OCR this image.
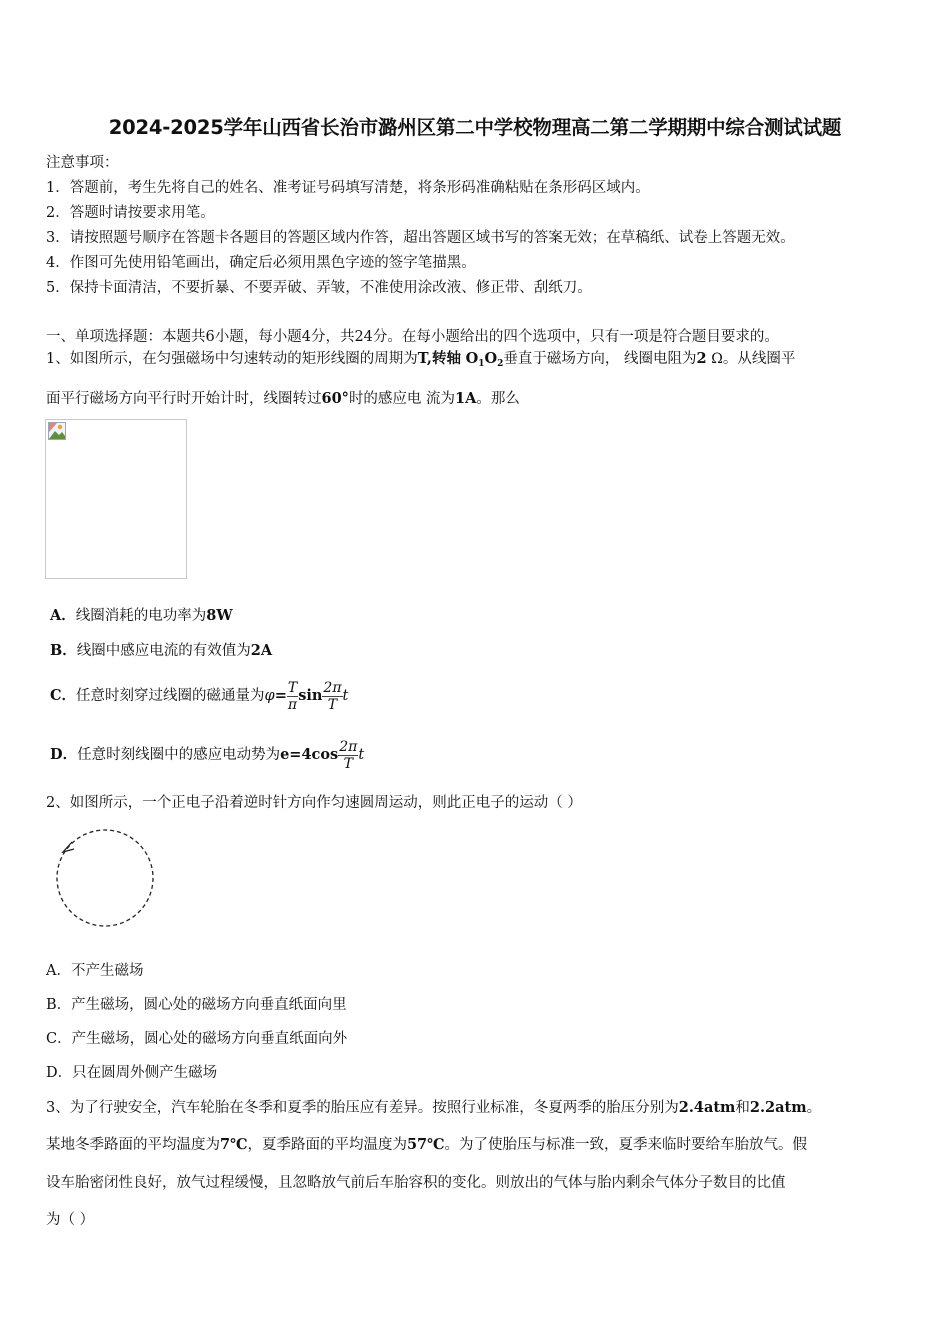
2024-2025学年山西省长治市潞州区第二中学校物理高二第二学期期中综合测试试题
注意事项：
1．答题前，考生先将自己的姓名、准考证号码填写清楚，将条形码准确粘贴在条形码区域内。
2．答题时请按要求用笔。
3．请按照题号顺序在答题卡各题目的答题区域内作答，超出答题区域书写的答案无效；在草稿纸、试卷上答题无效。
4．作图可先使用铅笔画出，确定后必须用黑色字迹的签字笔描黑。
5．保持卡面清洁，不要折暴、不要弄破、弄皱，不准使用涂改液、修正带、刮纸刀。
一、单项选择题：本题共6小题，每小题4分，共24分。在每小题给出的四个选项中，只有一项是符合题目要求的。
1、如图所示，在匀强磁场中匀速转动的矩形线圈的周期为T,转轴 $O_1O_2$垂直于磁场方向， 线圈电阻为2 Ω。从线圈平
面平行磁场方向平行时开始计时，线圈转过60°时的感应电 流为1A。那么
A．线圈消耗的电功率为8W
B．线圈中感应电流的有效值为2A
C．任意时刻穿过线圈的磁通量为$\varphi= \frac{T}{\pi}$ $\sin \frac{2\pi}{T}$ t
D．任意时刻线圈中的感应电动势为$e=4\cos \frac{2\pi}{T}$ t
2、如图所示，一个正电子沿着逆时针方向作匀速圆周运动，则此正电子的运动（ ）
A．不产生磁场
B．产生磁场，圆心处的磁场方向垂直纸面向里
C．产生磁场，圆心处的磁场方向垂直纸面向外
D．只在圆周外侧产生磁场
3、为了行驶安全，汽车轮胎在冬季和夏季的胎压应有差异。按照行业标准，冬夏两季的胎压分别为2.4atm和2.2atm。
某地冬季路面的平均温度为7℃，夏季路面的平均温度为57℃。为了使胎压与标准一致，夏季来临时要给车胎放气。假
设车胎密闭性良好，放气过程缓慢，且忽略放气前后车胎容积的变化。则放出的气体与胎内剩余气体分子数目的比值
为（ ）
